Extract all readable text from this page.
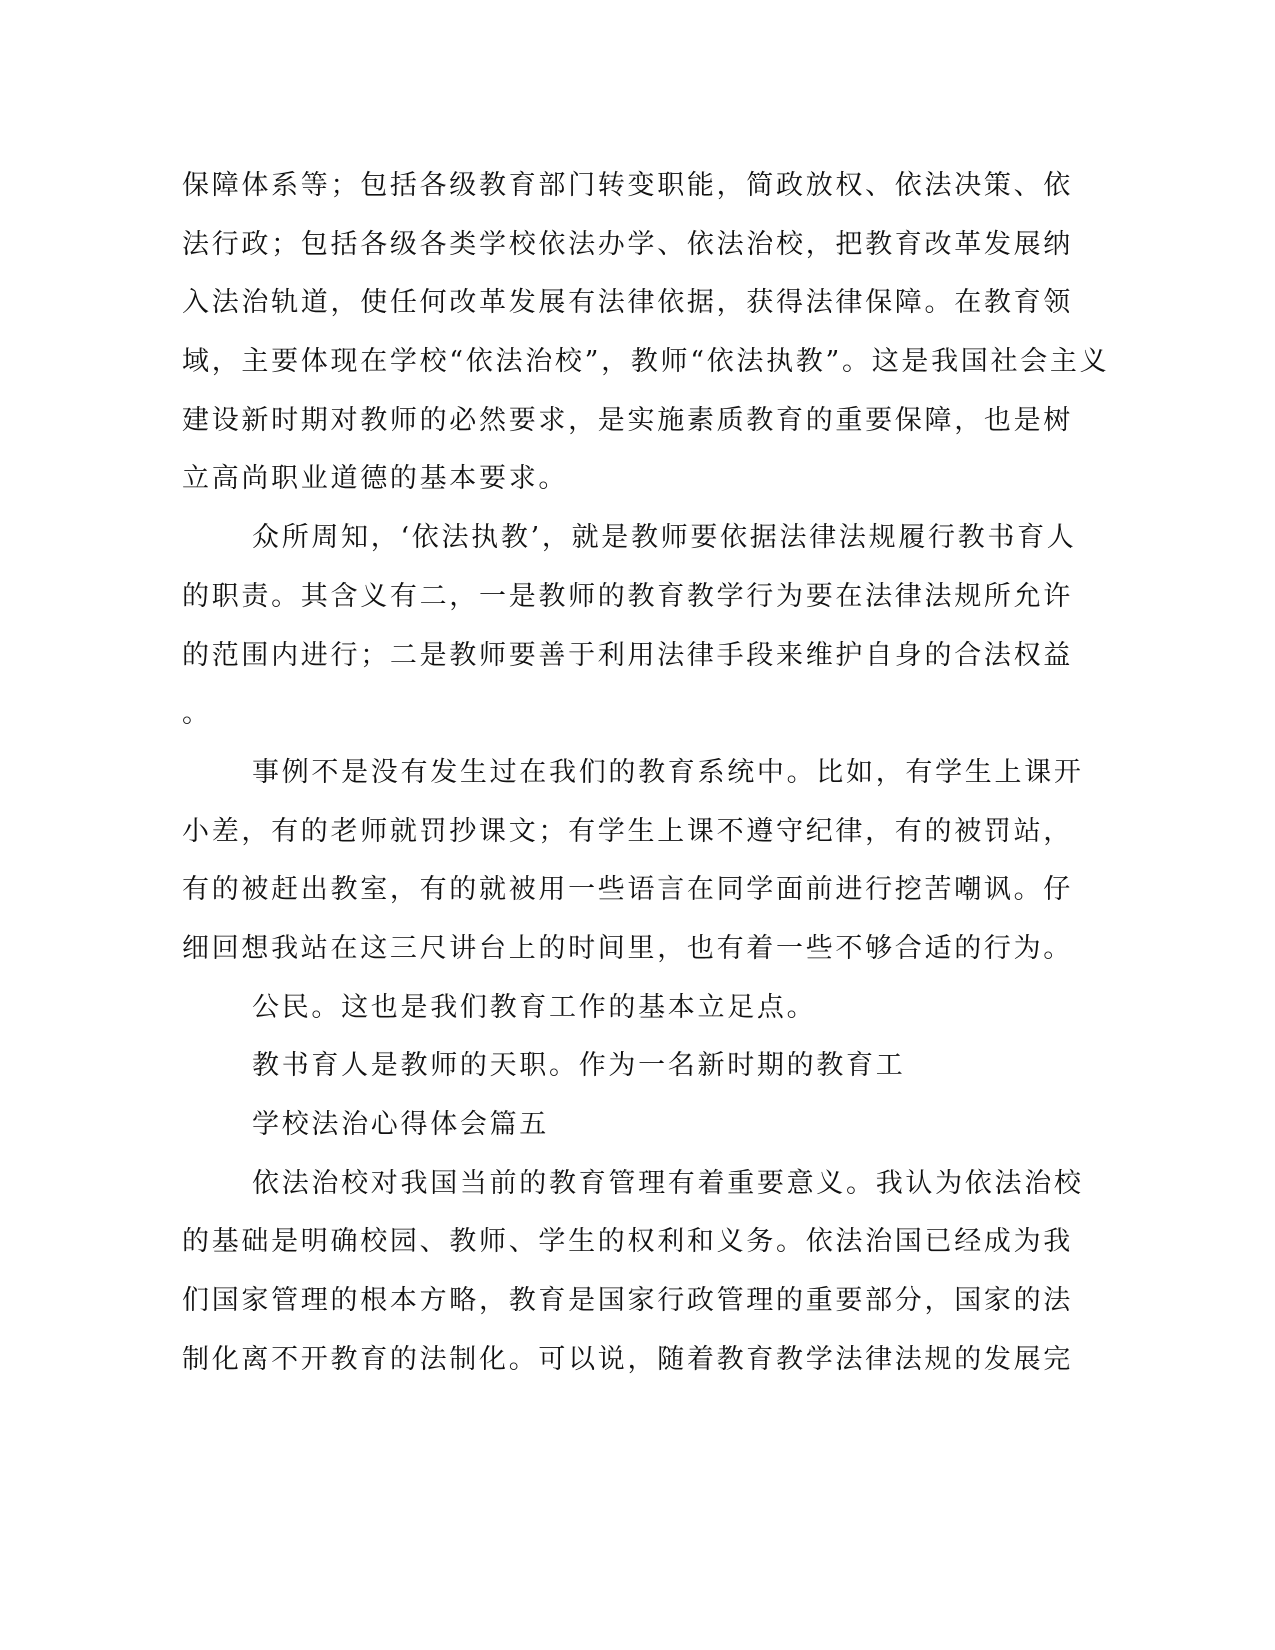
保障体系等；包括各级教育部门转变职能，简政放权、依法决策、依
法行政；包括各级各类学校依法办学、依法治校，把教育改革发展纳
入法治轨道，使任何改革发展有法律依据，获得法律保障。在教育领
域，主要体现在学校“依法治校”，教师“依法执教”。这是我国社会主义
建设新时期对教师的必然要求，是实施素质教育的重要保障，也是树
立高尚职业道德的基本要求。
众所周知，‘依法执教’，就是教师要依据法律法规履行教书育人
的职责。其含义有二，一是教师的教育教学行为要在法律法规所允许
的范围内进行；二是教师要善于利用法律手段来维护自身的合法权益
。
事例不是没有发生过在我们的教育系统中。比如，有学生上课开
小差，有的老师就罚抄课文；有学生上课不遵守纪律，有的被罚站，
有的被赶出教室，有的就被用一些语言在同学面前进行挖苦嘲讽。仔
细回想我站在这三尺讲台上的时间里，也有着一些不够合适的行为。
公民。这也是我们教育工作的基本立足点。
教书育人是教师的天职。作为一名新时期的教育工
学校法治心得体会篇五
依法治校对我国当前的教育管理有着重要意义。我认为依法治校
的基础是明确校园、教师、学生的权利和义务。依法治国已经成为我
们国家管理的根本方略，教育是国家行政管理的重要部分，国家的法
制化离不开教育的法制化。可以说，随着教育教学法律法规的发展完
